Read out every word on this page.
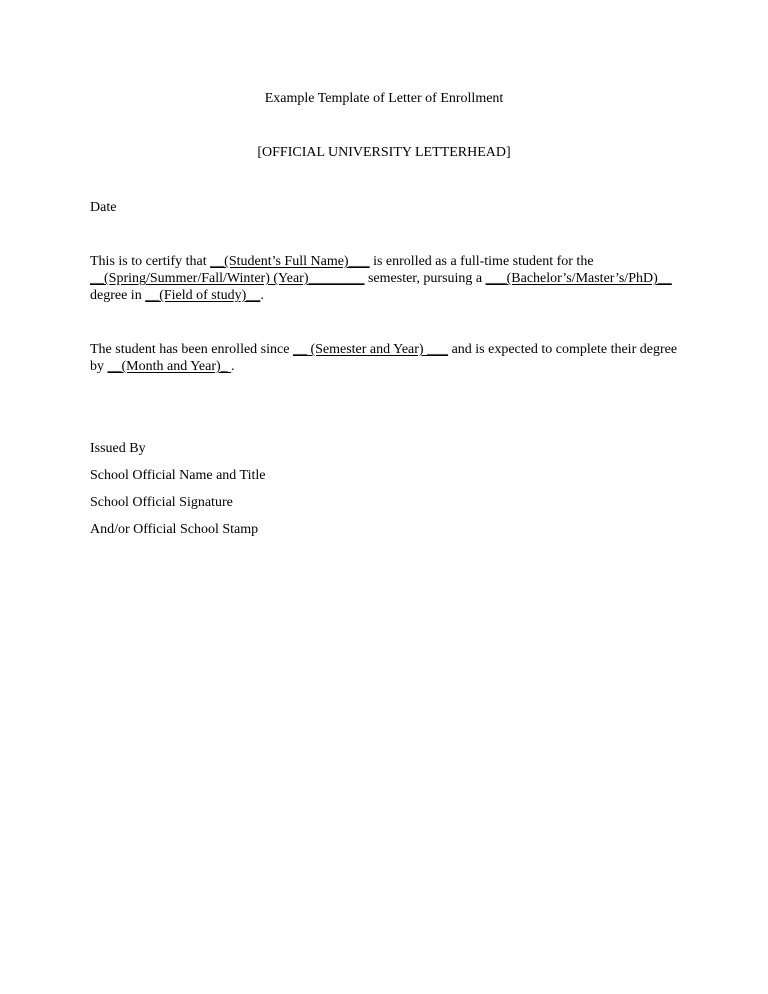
Example Template of Letter of Enrollment
[OFFICIAL UNIVERSITY LETTERHEAD]
Date
This is to certify that __(Student’s Full Name)___ is enrolled as a full-time student for the
__(Spring/Summer/Fall/Winter) (Year)________ semester, pursuing a ___(Bachelor’s/Master’s/PhD)__
degree in __(Field of study)__.
The student has been enrolled since __ (Semester and Year) ___ and is expected to complete their degree
by __(Month and Year)_ .
Issued By
School Official Name and Title
School Official Signature
And/or Official School Stamp
